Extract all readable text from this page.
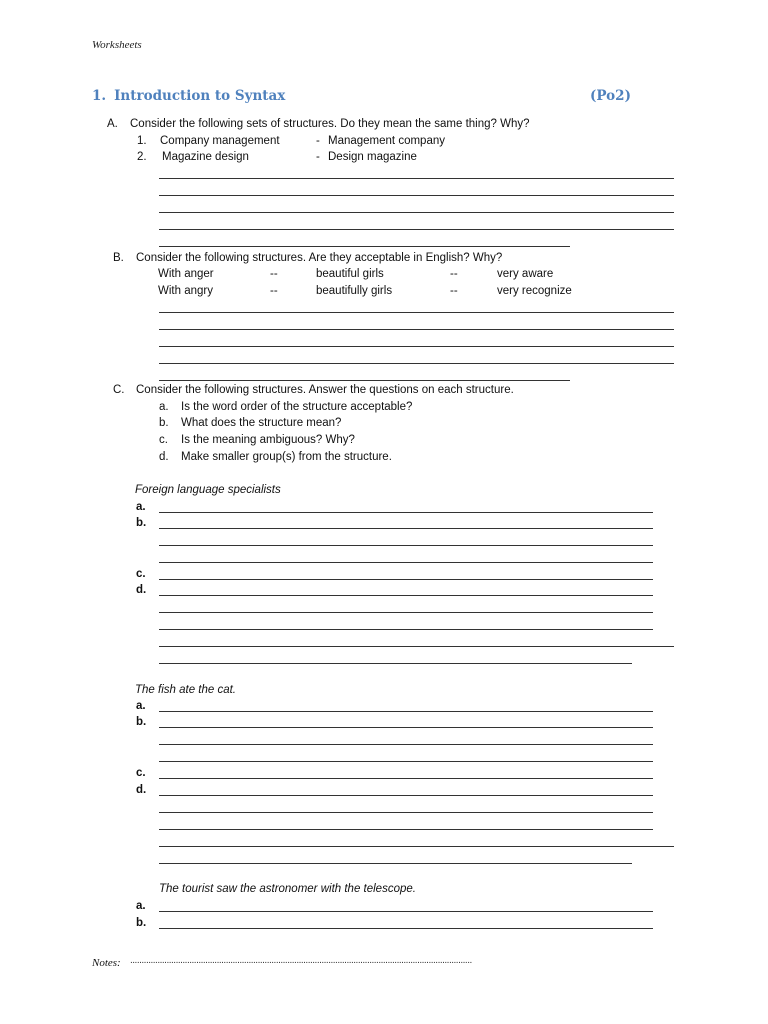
Worksheets
1. Introduction to Syntax	(Po2)
A. Consider the following sets of structures. Do they mean the same thing? Why?
1. Company management	- Management company
2. Magazine design	- Design magazine
B. Consider the following structures. Are they acceptable in English? Why?
With anger	--	beautiful girls	--	very aware
With angry	--	beautifully girls	--	very recognize
C. Consider the following structures. Answer the questions on each structure.
a. Is the word order of the structure acceptable?
b. What does the structure mean?
c. Is the meaning ambiguous? Why?
d. Make smaller group(s) from the structure.
Foreign language specialists
a.
b.
c.
d.
The fish ate the cat.
a.
b.
c.
d.
The tourist saw the astronomer with the telescope.
a.
b.
Notes: ......................................................................................................................................................
